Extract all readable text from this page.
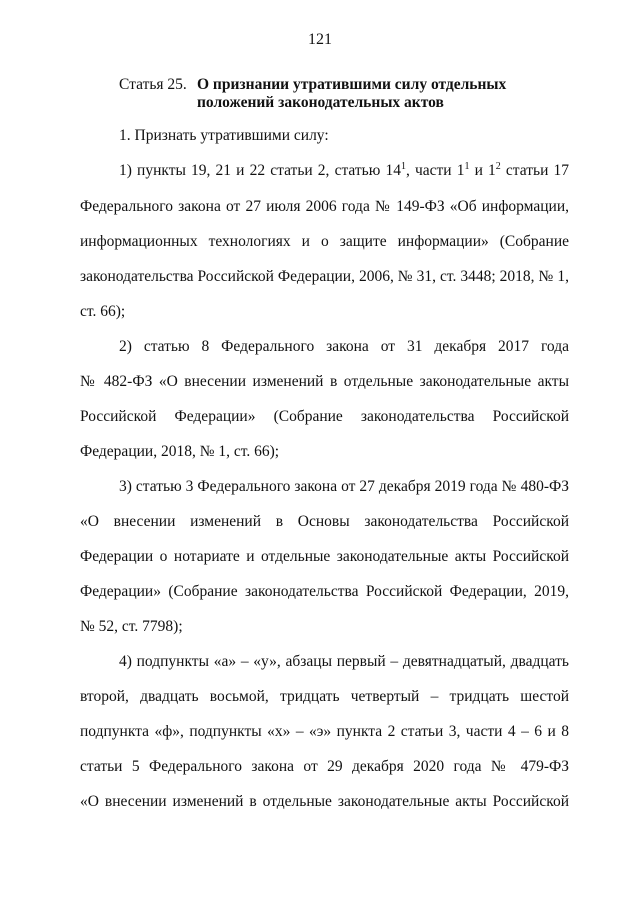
121
Статья 25. О признании утратившими силу отдельных
положений законодательных актов
1. Признать утратившими силу:
1) пункты 19, 21 и 22 статьи 2, статью $14^1$, части $1^1$ и $1^2$ статьи 17
Федерального закона от 27 июля 2006 года № 149-ФЗ «Об информации,
информационных технологиях и о защите информации» (Собрание
законодательства Российской Федерации, 2006, № 31, ст. 3448; 2018, № 1,
ст. 66);
2) статью 8 Федерального закона от 31 декабря 2017 года
№ 482-ФЗ «О внесении изменений в отдельные законодательные акты
Российской Федерации» (Собрание законодательства Российской
Федерации, 2018, № 1, ст. 66);
3) статью 3 Федерального закона от 27 декабря 2019 года № 480-ФЗ
«О внесении изменений в Основы законодательства Российской
Федерации о нотариате и отдельные законодательные акты Российской
Федерации» (Собрание законодательства Российской Федерации, 2019,
№ 52, ст. 7798);
4) подпункты «а» – «у», абзацы первый – девятнадцатый, двадцать
второй, двадцать восьмой, тридцать четвертый – тридцать шестой
подпункта «ф», подпункты «х» – «э» пункта 2 статьи 3, части 4 – 6 и 8
статьи 5 Федерального закона от 29 декабря 2020 года № 479-ФЗ
«О внесении изменений в отдельные законодательные акты Российской
